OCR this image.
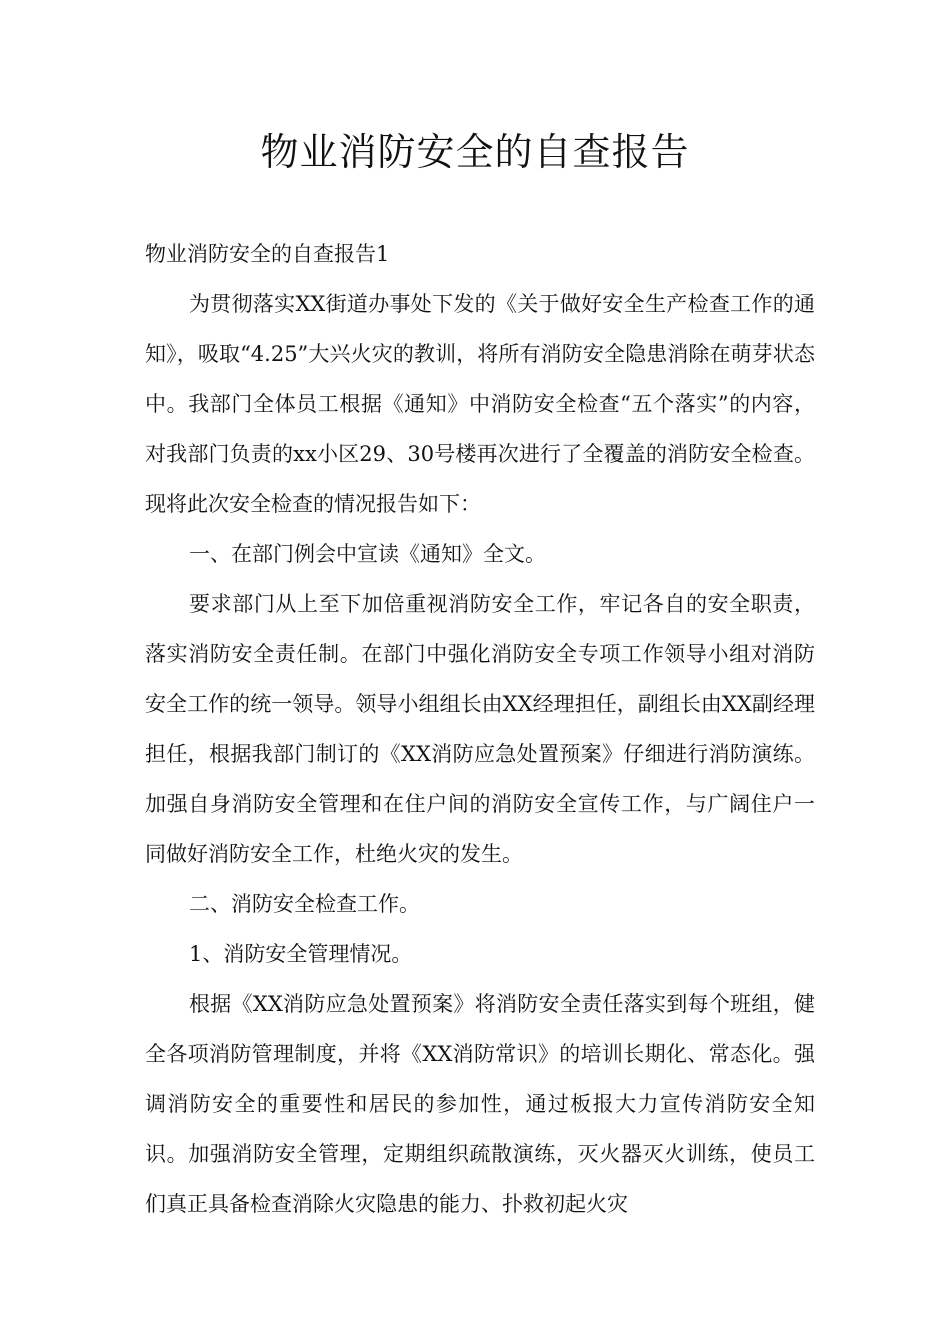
物业消防安全的自查报告

物业消防安全的自查报告1

为贯彻落实XX街道办事处下发的《关于做好安全生产检查工作的通知》，吸取“4.25”大兴火灾的教训，将所有消防安全隐患消除在萌芽状态中。我部门全体员工根据《通知》中消防安全检查“五个落实”的内容，对我部门负责的xx小区29、30号楼再次进行了全覆盖的消防安全检查。现将此次安全检查的情况报告如下：

一、在部门例会中宣读《通知》全文。

要求部门从上至下加倍重视消防安全工作，牢记各自的安全职责，落实消防安全责任制。在部门中强化消防安全专项工作领导小组对消防安全工作的统一领导。领导小组组长由XX经理担任，副组长由XX副经理担任，根据我部门制订的《XX消防应急处置预案》仔细进行消防演练。加强自身消防安全管理和在住户间的消防安全宣传工作，与广阔住户一同做好消防安全工作，杜绝火灾的发生。

二、消防安全检查工作。

1、消防安全管理情况。

根据《XX消防应急处置预案》将消防安全责任落实到每个班组，健全各项消防管理制度，并将《XX消防常识》的培训长期化、常态化。强调消防安全的重要性和居民的参加性，通过板报大力宣传消防安全知识。加强消防安全管理，定期组织疏散演练，灭火器灭火训练，使员工们真正具备检查消除火灾隐患的能力、扑救初起火灾
